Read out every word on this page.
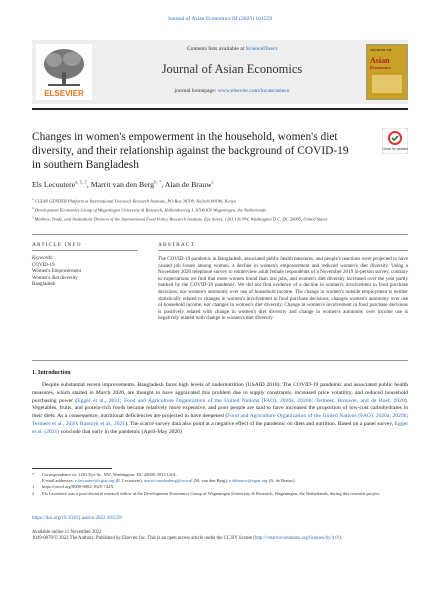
Journal of Asian Economics 84 (2023) 101559
ELSEVIER
Contents lists available at ScienceDirect
Journal of Asian Economics
journal homepage: www.elsevier.com/locate/asieco
JOURNAL OF
Asian
Economics
Changes in women's empowerment in the household, women's diet diversity, and their relationship against the background of COVID-19 in southern Bangladesh
Check for updates
Els Lecoutere$^{a, 1, 2}$, Marrit van den Berg$^{b, *}$, Alan de Brauw$^c$
$^a$ CGIAR GENDER Platform at International Livestock Research Institute, PO Box 30709, Nairobi 00100, Kenya
$^b$ Development Economics Group of Wageningen University & Research, Hollandseweg 1, 6706 KN Wageningen, the Netherlands
$^c$ Markets, Trade, and Institutions Division of the International Food Policy Research Institute, Eye Street, 1201 I St NW, Washington D.C. DC 20005, United States
ARTICLE INFO	ABSTRACT
Keywords:
COVID-19
Women's Empowerment
Women's diet diversity
Bangladesh
The COVID-19 pandemic in Bangladesh, associated public health measures, and people's reactions were projected to have caused job losses among women, a decline in women's empowerment and reduced women's diet diversity. Using a November 2020 telephone survey to reinterview adult female respondents of a November 2019 in-person survey, contrary to expectations we find that more women found than lost jobs, and women's diet diversity increased over the year partly marked by the COVID-19 pandemic. We did not find evidence of a decline in women's involvement in food purchase decisions, nor women's autonomy over use of household income. The change in women's outside employment is neither statistically related to changes in women's involvement in food purchase decisions, changes women's autonomy over use of household income, nor changes in women's diet diversity. Change in women's involvement in food purchase decisions is positively related with change in women's diet diversity and change in women's autonomy over income use is negatively related with change in women's diet diversity.
1. Introduction
Despite substantial recent improvements, Bangladesh faces high levels of undernutrition (USAID 2018). The COVID-19 pandemic and associated public health measures, which started in March 2020, are thought to have aggravated this problem due to supply constraints, increased price volatility, and reduced household purchasing power (Egger et al., 2021; Food and Agriculture Organization of the United Nations (FAO), 2020a, 2020b; Termeer, Brouwer, and de Boef, 2020). Vegetables, fruits, and protein-rich foods became relatively more expensive, and poor people are said to have increased the proportion of low-cost carbohydrates in their diets. As a consequence, nutritional deficiencies are projected to have deepened (Food and Agriculture Organization of the United Nations (FAO), 2020a, 2020b; Termeer et al., 2020; Rasezyk et al., 2021). The scarce survey data also point at a negative effect of the pandemic on diets and nutrition. Based on a panel survey, Egger et al. (2021) conclude that early in the pandemic (April-May 2020)
* Correspondence to: 1201 Eye St., NW, Washington, DC 20005-3915 USA.
E-mail addresses: e.lecoutere@cgiar.org (E. Lecoutere), marrit.vandenberg@wur.nl (M. van den Berg), a.debrauw@cgiar.org (A. de Brauw).
1 https://orcid.org/0000-0002-1025-742X
2 Els Lecoutere was a post-doctoral research fellow at the Development Economics Group of Wageningen University & Research, Wageningen, the Netherlands, during this research project.
https://doi.org/10.1016/j.asieco.2022.101559
Available online 11 November 2022
1049-0078/© 2022 The Authors. Published by Elsevier Inc. This is an open access article under the CC BY license (http://creativecommons.org/licenses/by/4.0/).
